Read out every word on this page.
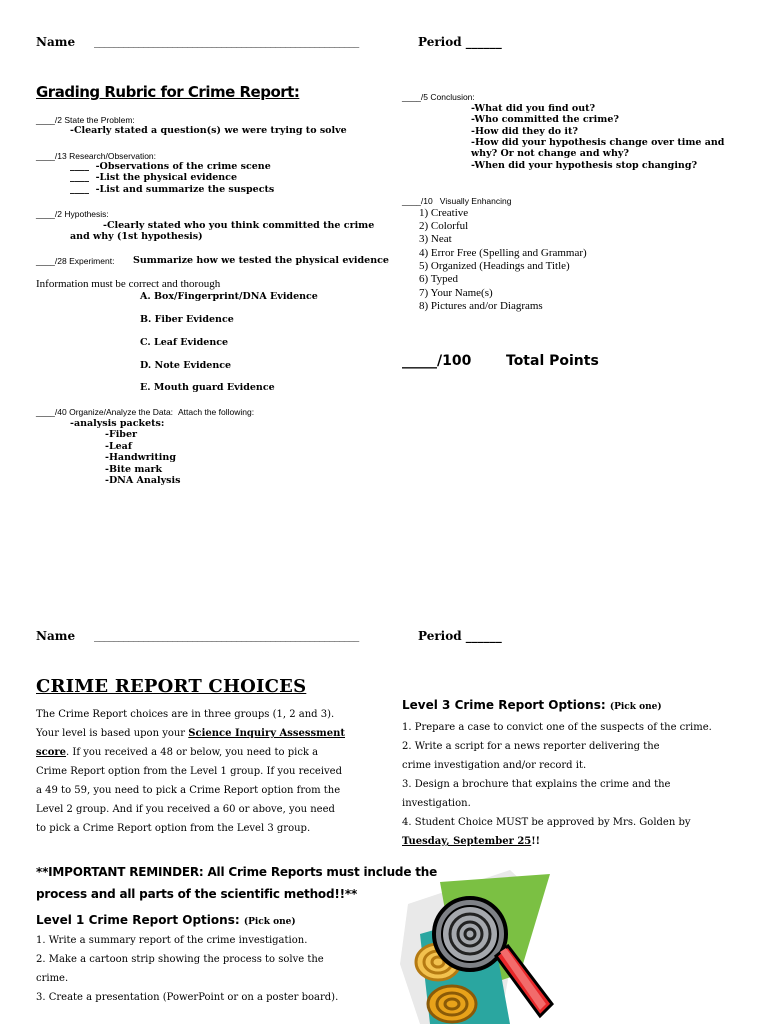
Name ______________________________________________________	Period ______
Grading Rubric for Crime Report:
____/2 State the Problem:
-Clearly stated a question(s) we were trying to solve
____/13 Research/Observation:
____  -Observations of the crime scene
____  -List the physical evidence
____  -List and summarize the suspects
____/2 Hypothesis:
-Clearly stated who you think committed the crime
and why (1st hypothesis)
____/28 Experiment: Summarize how we tested the physical evidence
Information must be correct and thorough
A. Box/Fingerprint/DNA Evidence
B. Fiber Evidence
C. Leaf Evidence
D. Note Evidence
E. Mouth guard Evidence
____/40 Organize/Analyze the Data: Attach the following:
-analysis packets:
-Fiber
-Leaf
-Handwriting
-Bite mark
-DNA Analysis
____/5 Conclusion:
-What did you find out?
-Who committed the crime?
-How did they do it?
-How did your hypothesis change over time and
why? Or not change and why?
-When did your hypothesis stop changing?
____/10   Visually Enhancing
1) Creative
2) Colorful
3) Neat
4) Error Free (Spelling and Grammar)
5) Organized (Headings and Title)
6) Typed
7) Your Name(s)
8) Pictures and/or Diagrams
_____/100 Total Points
Name ______________________________________________________	Period ______
CRIME REPORT CHOICES
The Crime Report choices are in three groups (1, 2 and 3).
Your level is based upon your Science Inquiry Assessment
score. If you received a 48 or below, you need to pick a
Crime Report option from the Level 1 group. If you received
a 49 to 59, you need to pick a Crime Report option from the
Level 2 group. And if you received a 60 or above, you need
to pick a Crime Report option from the Level 3 group.
**IMPORTANT REMINDER: All Crime Reports must include the
process and all parts of the scientific method!!**
Level 1 Crime Report Options: (Pick one)
1. Write a summary report of the crime investigation.
2. Make a cartoon strip showing the process to solve the
crime.
3. Create a presentation (PowerPoint or on a poster board).
Level 3 Crime Report Options: (Pick one)
1. Prepare a case to convict one of the suspects of the crime.
2. Write a script for a news reporter delivering the
crime investigation and/or record it.
3. Design a brochure that explains the crime and the
investigation.
4. Student Choice MUST be approved by Mrs. Golden by
Tuesday, September 25!!
